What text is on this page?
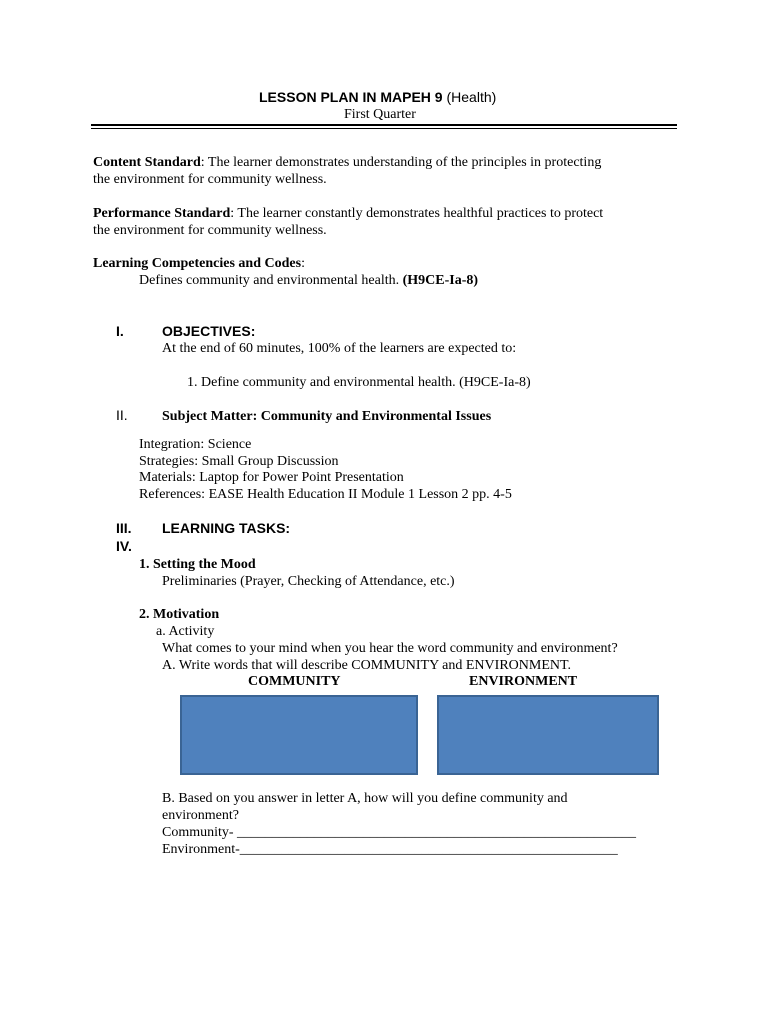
LESSON PLAN IN MAPEH 9 (Health)
First Quarter
Content Standard: The learner demonstrates understanding of the principles in protecting
the environment for community wellness.
Performance Standard: The learner constantly demonstrates healthful practices to protect
the environment for community wellness.
Learning Competencies and Codes:
Defines community and environmental health. (H9CE-Ia-8)
I.	OBJECTIVES:
At the end of 60 minutes, 100% of the learners are expected to:
1. Define community and environmental health. (H9CE-Ia-8)
II. Subject Matter: Community and Environmental Issues
Integration: Science
Strategies: Small Group Discussion
Materials: Laptop for Power Point Presentation
References: EASE Health Education II Module 1 Lesson 2 pp. 4-5
III. LEARNING TASKS:
IV.
1. Setting the Mood
Preliminaries (Prayer, Checking of Attendance, etc.)
2. Motivation
a. Activity
What comes to your mind when you hear the word community and environment?
A. Write words that will describe COMMUNITY and ENVIRONMENT.
COMMUNITY	ENVIRONMENT
B. Based on you answer in letter A, how will you define community and
environment?
Community- _________________________________________________________
Environment-______________________________________________________
